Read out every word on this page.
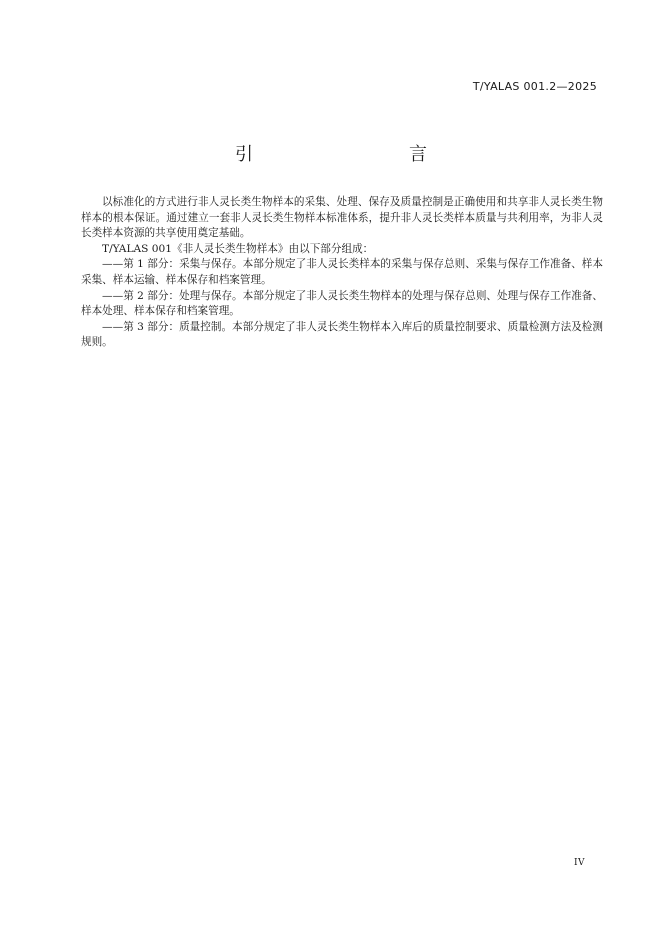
T/YALAS 001.2—2025
引　　言

以标准化的方式进行非人灵长类生物样本的采集、处理、保存及质量控制是正确使用和共享非人灵长类生物样本的根本保证。通过建立一套非人灵长类生物样本标准体系，提升非人灵长类样本质量与共利用率，为非人灵长类样本资源的共享使用奠定基础。

T/YALAS 001《非人灵长类生物样本》由以下部分组成：

——第 1 部分：采集与保存。本部分规定了非人灵长类样本的采集与保存总则、采集与保存工作准备、样本采集、样本运输、样本保存和档案管理。

——第 2 部分：处理与保存。本部分规定了非人灵长类生物样本的处理与保存总则、处理与保存工作准备、样本处理、样本保存和档案管理。

——第 3 部分：质量控制。本部分规定了非人灵长类生物样本入库后的质量控制要求、质量检测方法及检测规则。

IV
